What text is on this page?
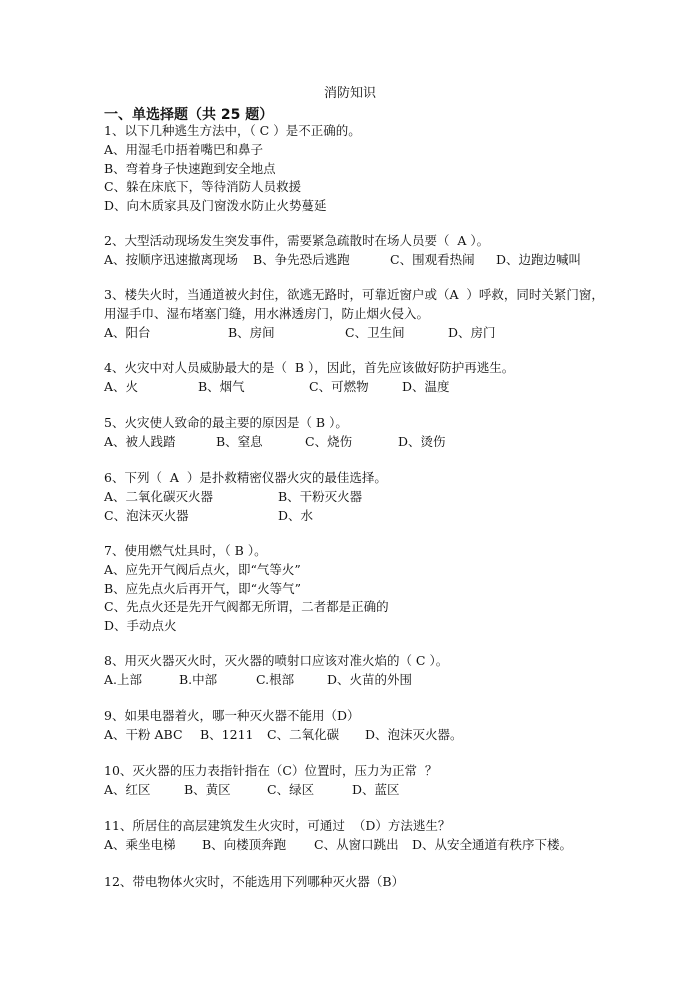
消防知识
一、单选择题（共 25 题）
1、以下几种逃生方法中，（ C ）是不正确的。
A、用湿毛巾捂着嘴巴和鼻子
B、弯着身子快速跑到安全地点
C、躲在床底下，等待消防人员救援
D、向木质家具及门窗泼水防止火势蔓延
2、大型活动现场发生突发事件，需要紧急疏散时在场人员要（  A ）。
A、按顺序迅速撤离现场	B、争先恐后逃跑	C、围观看热闹	D、边跑边喊叫
3、楼失火时，当通道被火封住，欲逃无路时，可靠近窗户或（A  ）呼救，同时关紧门窗，
用湿手巾、湿布堵塞门缝，用水淋透房门，防止烟火侵入。
A、阳台	B、房间	C、卫生间	D、房门
4、火灾中对人员威胁最大的是（  B ），因此，首先应该做好防护再逃生。
A、火	B、烟气	C、可燃物	D、温度
5、火灾使人致命的最主要的原因是（ B ）。
A、被人践踏	B、窒息	C、烧伤	D、烫伤
6、下列（  A  ）是扑救精密仪器火灾的最佳选择。
A、二氧化碳灭火器	B、干粉灭火器
C、泡沫灭火器	D、水
7、使用燃气灶具时，（ B ）。
A、应先开气阀后点火，即“气等火”
B、应先点火后再开气，即“火等气”
C、先点火还是先开气阀都无所谓，二者都是正确的
D、手动点火
8、用灭火器灭火时，灭火器的喷射口应该对准火焰的（ C ）。
A.上部	B.中部	C.根部	D、火苗的外围
9、如果电器着火，哪一种灭火器不能用（D）
A、干粉 ABC	B、1211	C、二氧化碳	D、泡沫灭火器。
10、灭火器的压力表指针指在（C）位置时，压力为正常  ？
A、红区	B、黄区	C、绿区	D、蓝区
11、所居住的高层建筑发生火灾时，可通过  （D）方法逃生？
A、乘坐电梯	B、向楼顶奔跑	C、从窗口跳出	D、从安全通道有秩序下楼。
12、带电物体火灾时，不能选用下列哪种灭火器（B）
